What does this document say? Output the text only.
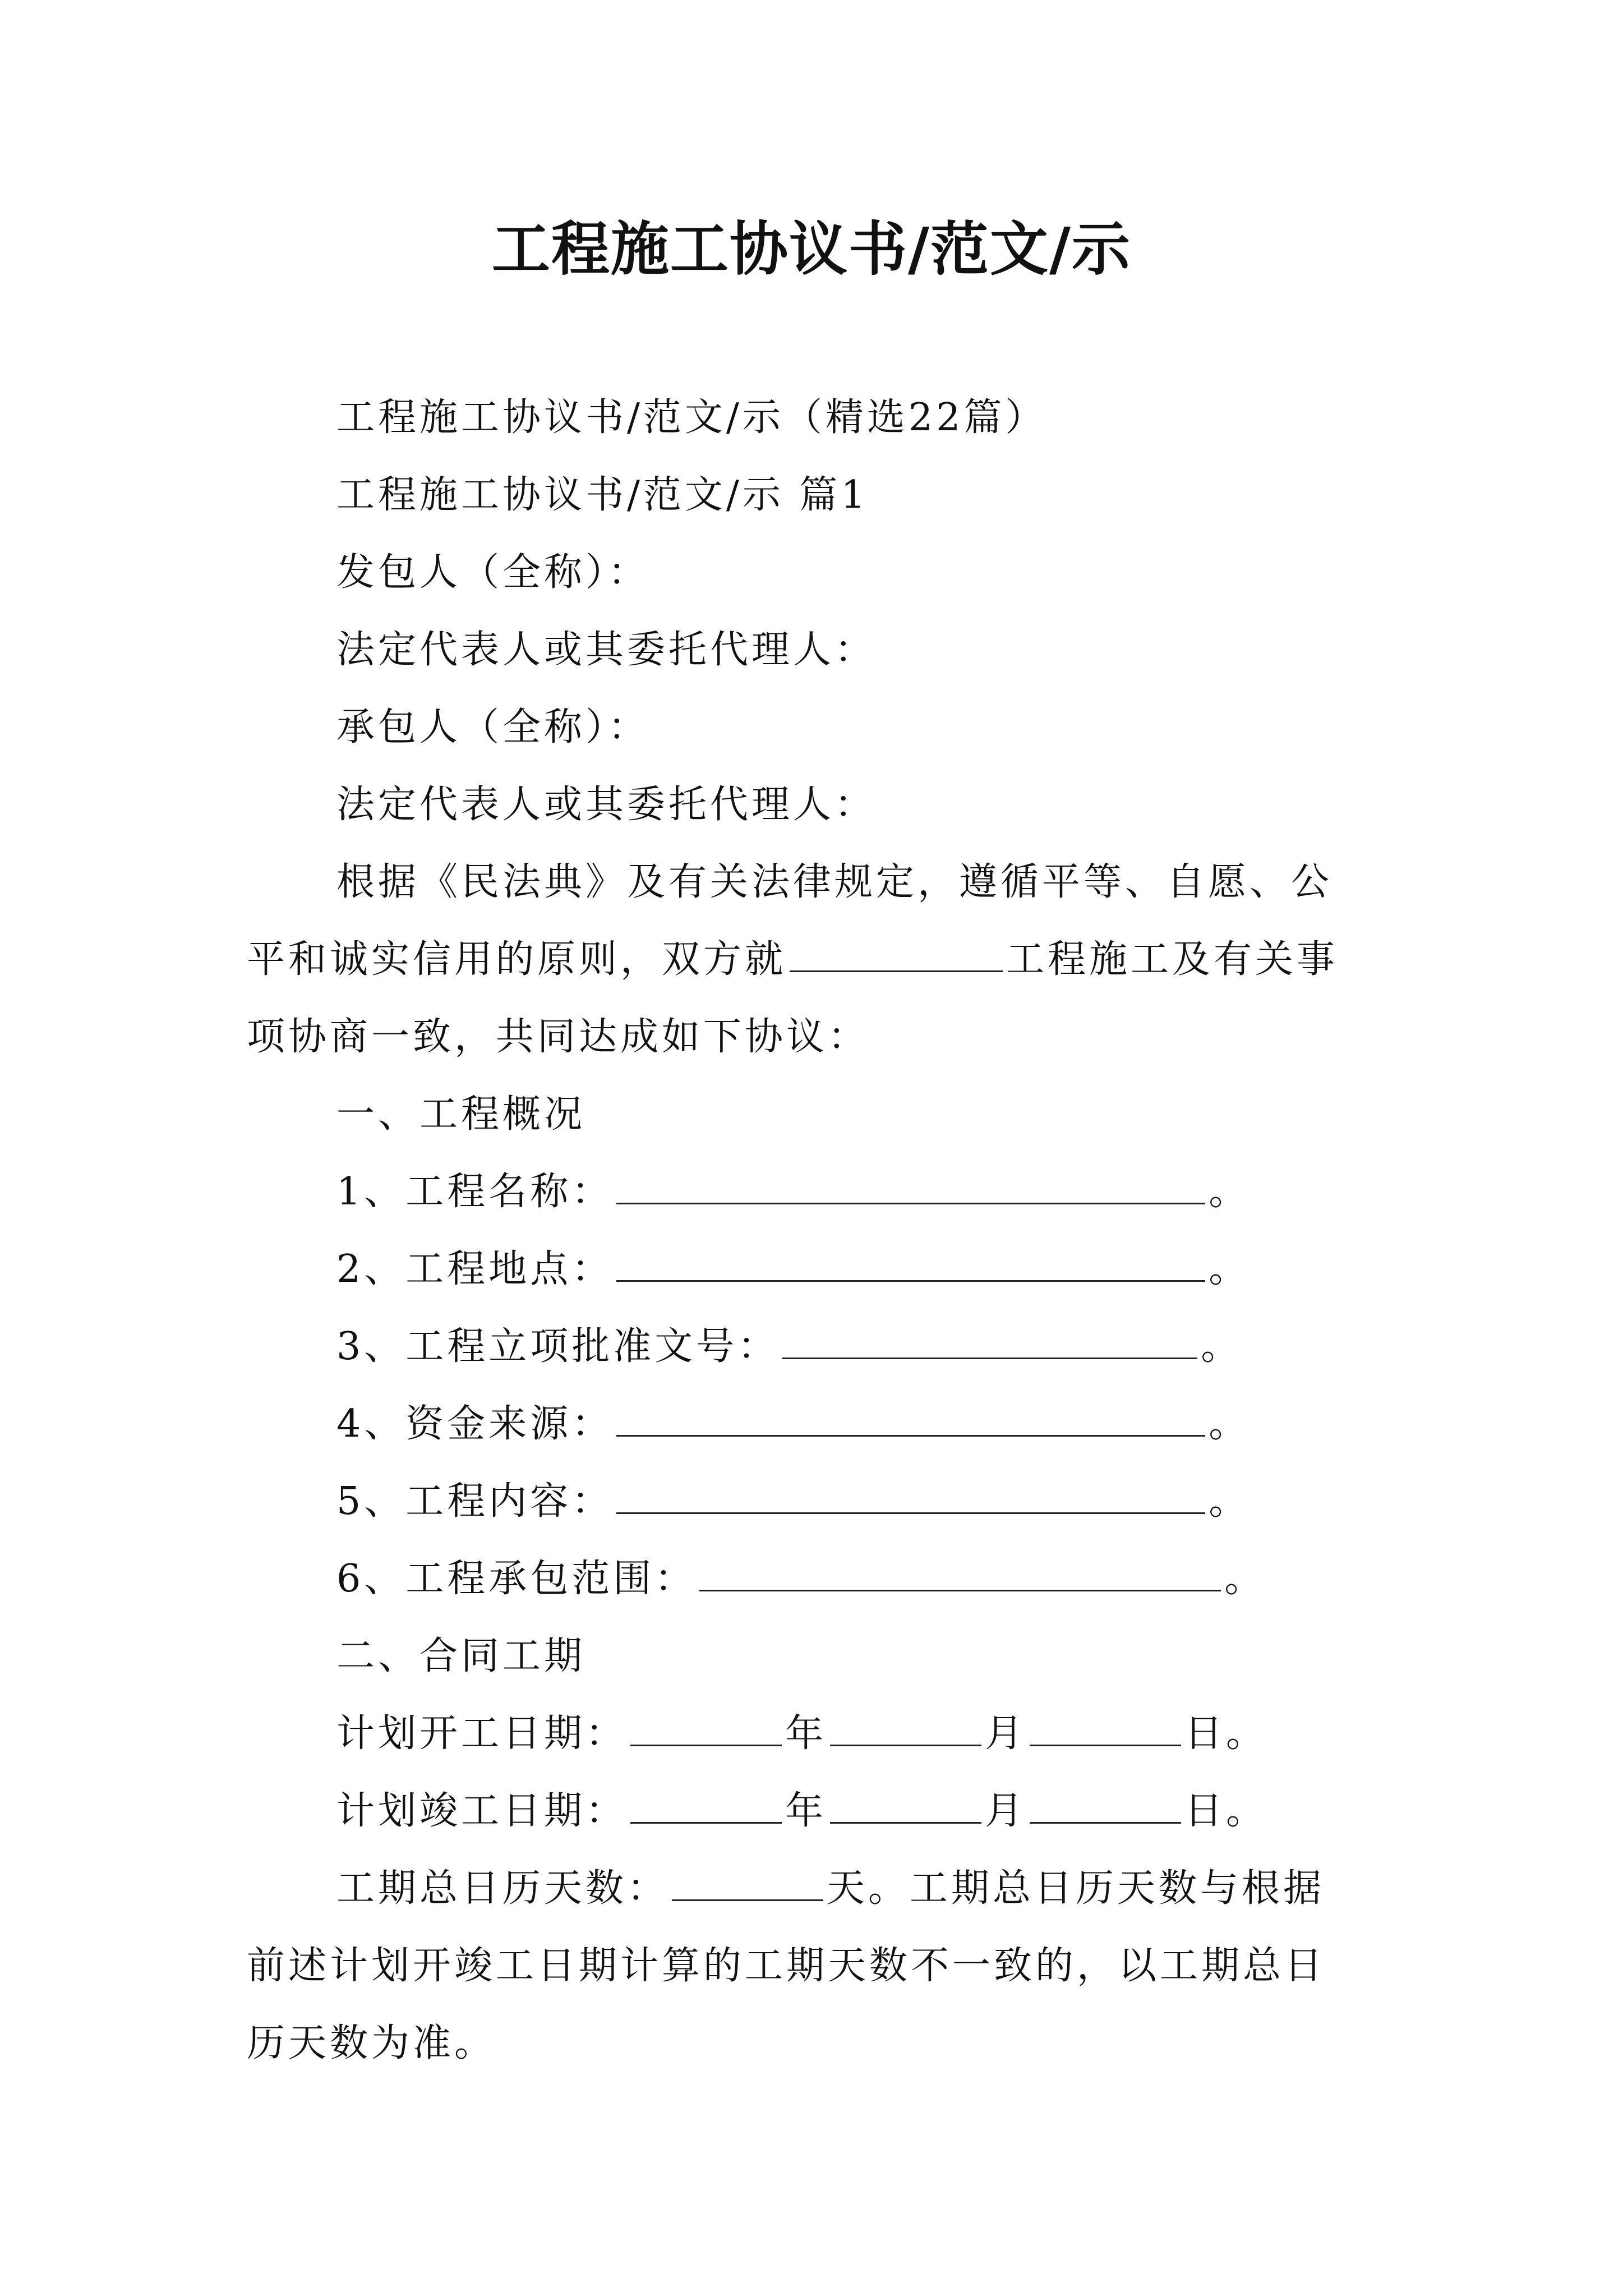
工程施工协议书/范文/示
工程施工协议书/范文/示（精选22篇）
工程施工协议书/范文/示 篇1
发包人（全称）：
法定代表人或其委托代理人：
承包人（全称）：
法定代表人或其委托代理人：
根据《民法典》及有关法律规定，遵循平等、自愿、公
平和诚实信用的原则，双方就	工程施工及有关事
项协商一致，共同达成如下协议：
一、工程概况
1、工程名称：	。
2、工程地点：	。
3、工程立项批准文号：	。
4、资金来源：	。
5、工程内容：	。
6、工程承包范围：	。
二、合同工期
计划开工日期：	年	月	日。
计划竣工日期：	年	月	日。
工期总日历天数：	天。工期总日历天数与根据
前述计划开竣工日期计算的工期天数不一致的，以工期总日
历天数为准。
